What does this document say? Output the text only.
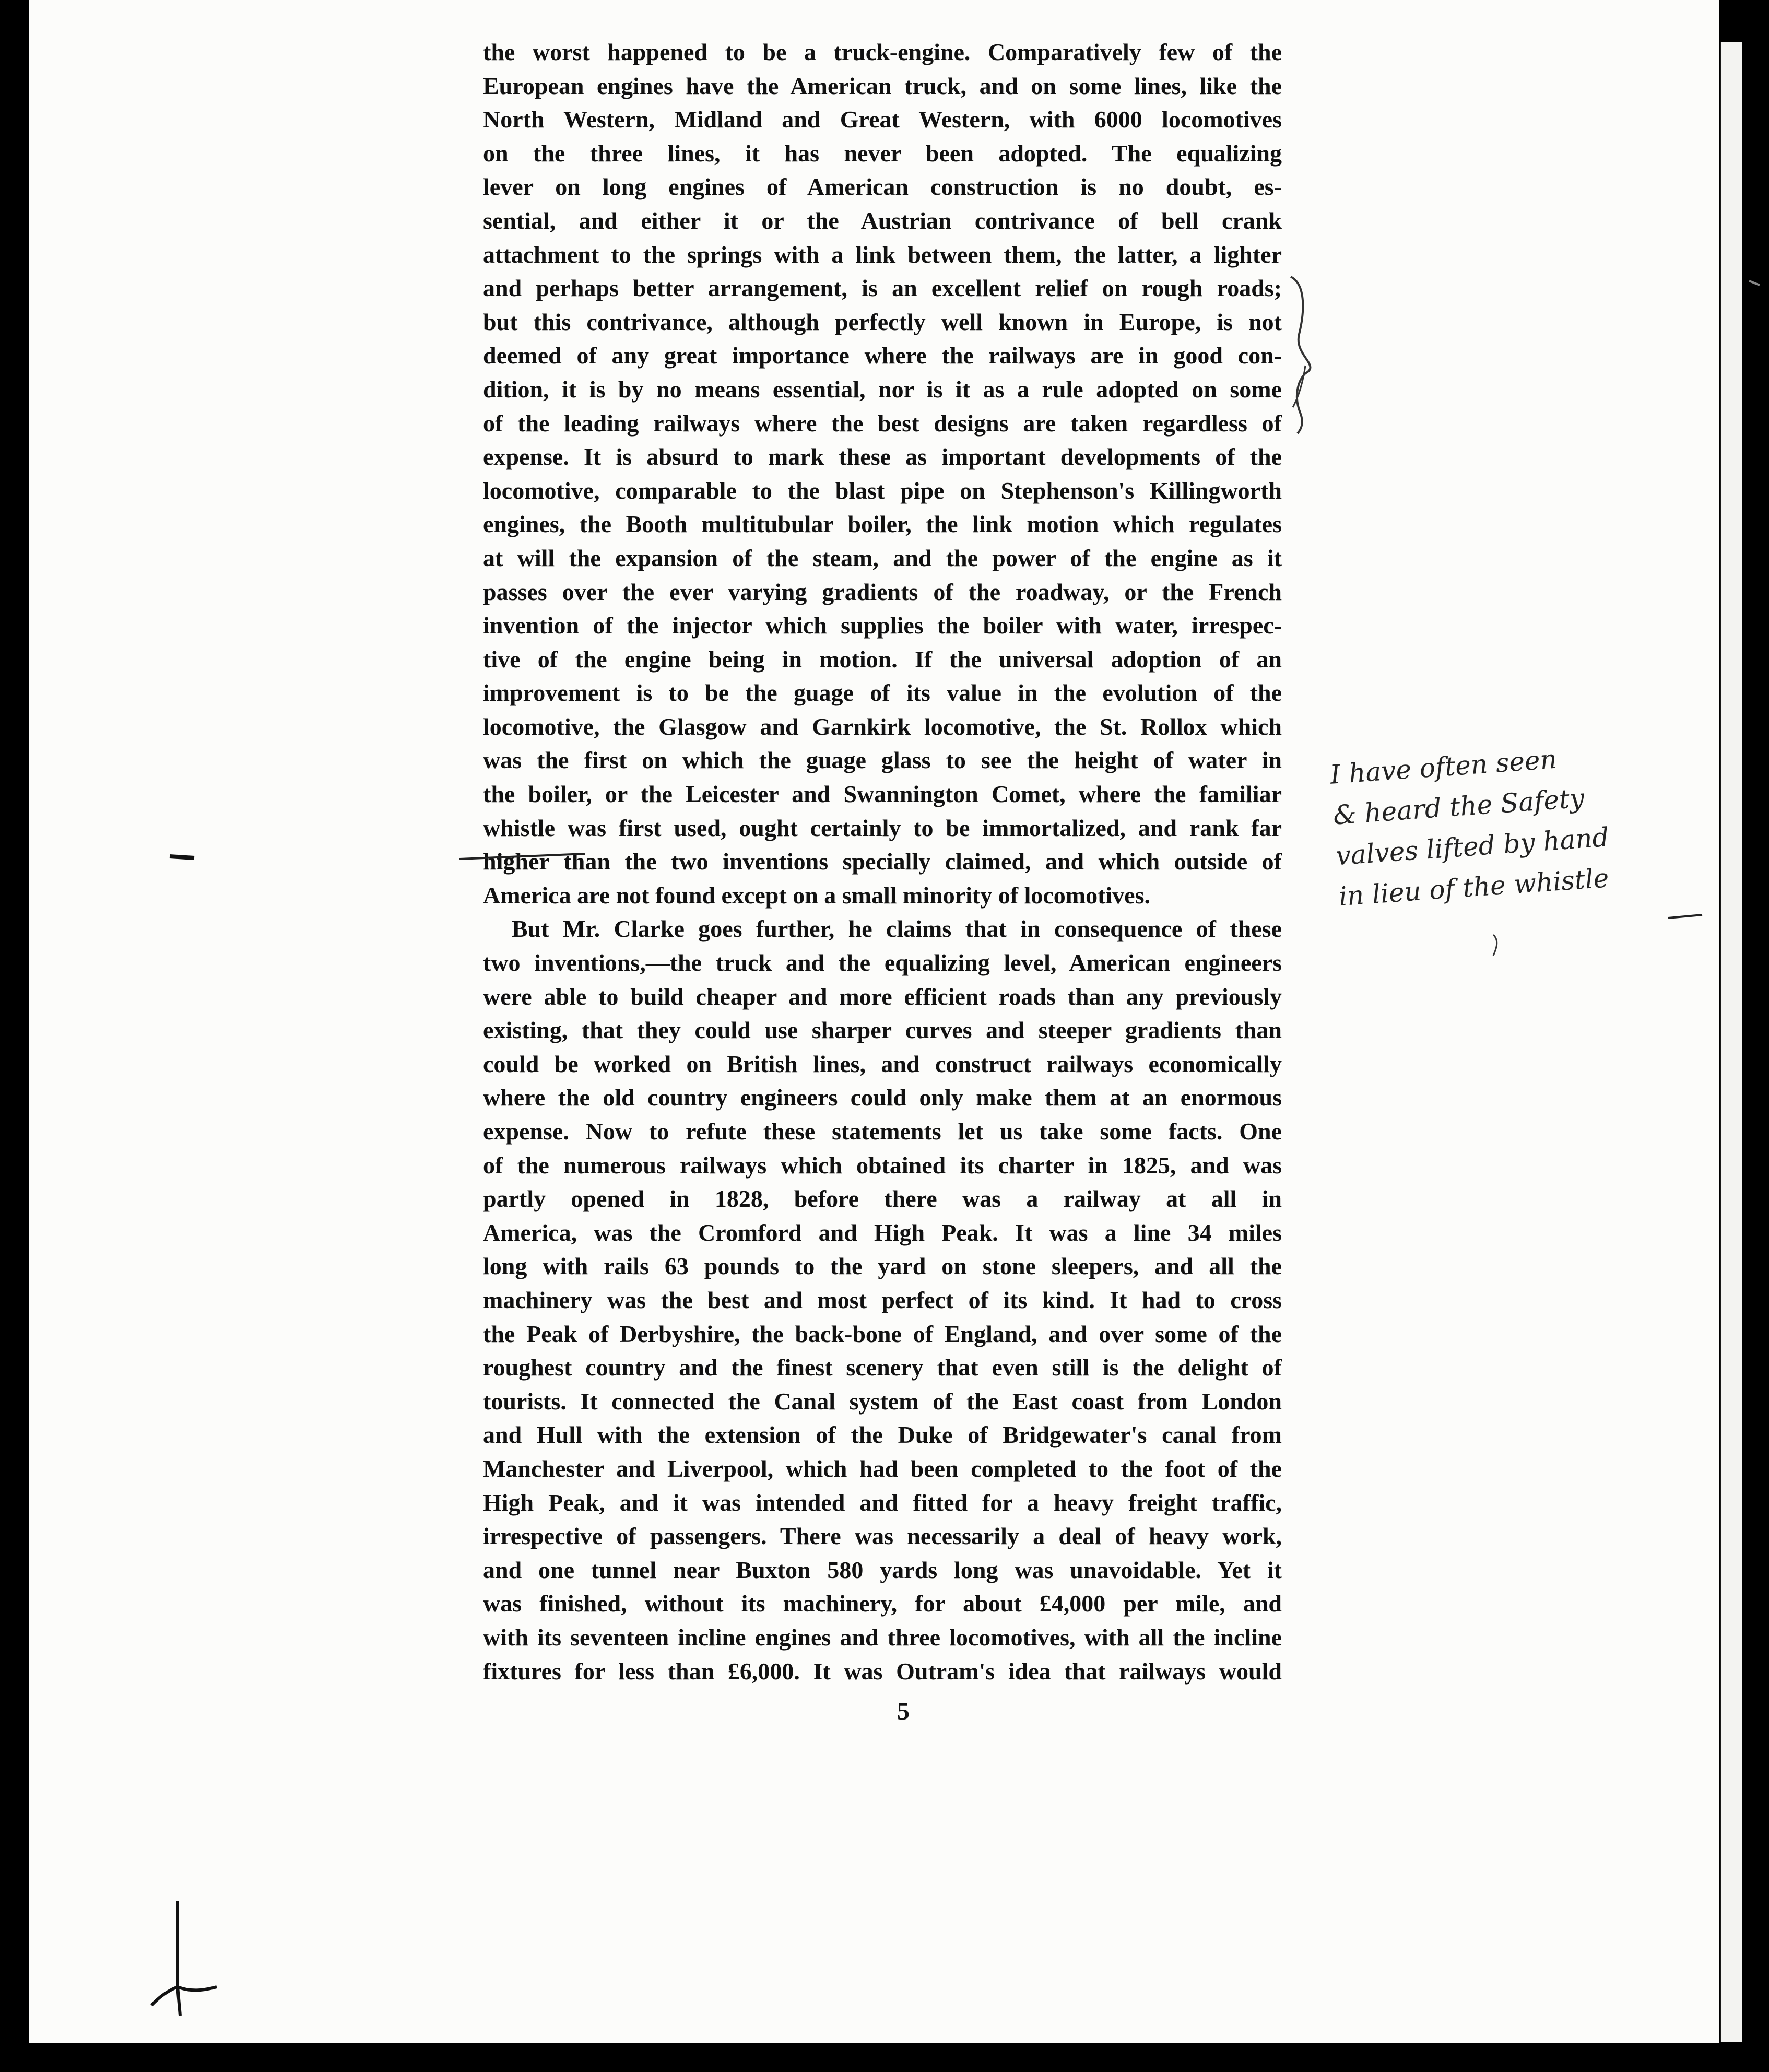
the worst happened to be a truck-engine. Comparatively few of the
European engines have the American truck, and on some lines, like the
North Western, Midland and Great Western, with 6000 locomotives
on the three lines, it has never been adopted. The equalizing
lever on long engines of American construction is no doubt, es-
sential, and either it or the Austrian contrivance of bell crank
attachment to the springs with a link between them, the latter, a lighter
and perhaps better arrangement, is an excellent relief on rough roads;
but this contrivance, although perfectly well known in Europe, is not
deemed of any great importance where the railways are in good con-
dition, it is by no means essential, nor is it as a rule adopted on some
of the leading railways where the best designs are taken regardless of
expense. It is absurd to mark these as important developments of the
locomotive, comparable to the blast pipe on Stephenson's Killingworth
engines, the Booth multitubular boiler, the link motion which regulates
at will the expansion of the steam, and the power of the engine as it
passes over the ever varying gradients of the roadway, or the French
invention of the injector which supplies the boiler with water, irrespec-
tive of the engine being in motion. If the universal adoption of an
improvement is to be the guage of its value in the evolution of the
locomotive, the Glasgow and Garnkirk locomotive, the St. Rollox which
was the first on which the guage glass to see the height of water in
the boiler, or the Leicester and Swannington Comet, where the familiar
whistle was first used, ought certainly to be immortalized, and rank far
higher than the two inventions specially claimed, and which outside of
America are not found except on a small minority of locomotives.
But Mr. Clarke goes further, he claims that in consequence of these
two inventions,—the truck and the equalizing level, American engineers
were able to build cheaper and more efficient roads than any previously
existing, that they could use sharper curves and steeper gradients than
could be worked on British lines, and construct railways economically
where the old country engineers could only make them at an enormous
expense. Now to refute these statements let us take some facts. One
of the numerous railways which obtained its charter in 1825, and was
partly opened in 1828, before there was a railway at all in
America, was the Cromford and High Peak. It was a line 34 miles
long with rails 63 pounds to the yard on stone sleepers, and all the
machinery was the best and most perfect of its kind. It had to cross
the Peak of Derbyshire, the back-bone of England, and over some of the
roughest country and the finest scenery that even still is the delight of
tourists. It connected the Canal system of the East coast from London
and Hull with the extension of the Duke of Bridgewater's canal from
Manchester and Liverpool, which had been completed to the foot of the
High Peak, and it was intended and fitted for a heavy freight traffic,
irrespective of passengers. There was necessarily a deal of heavy work,
and one tunnel near Buxton 580 yards long was unavoidable. Yet it
was finished, without its machinery, for about £4,000 per mile, and
with its seventeen incline engines and three locomotives, with all the incline
fixtures for less than £6,000. It was Outram's idea that railways would
5
I have often seen
& heard the Safety
valves lifted by hand
in lieu of the whistle
